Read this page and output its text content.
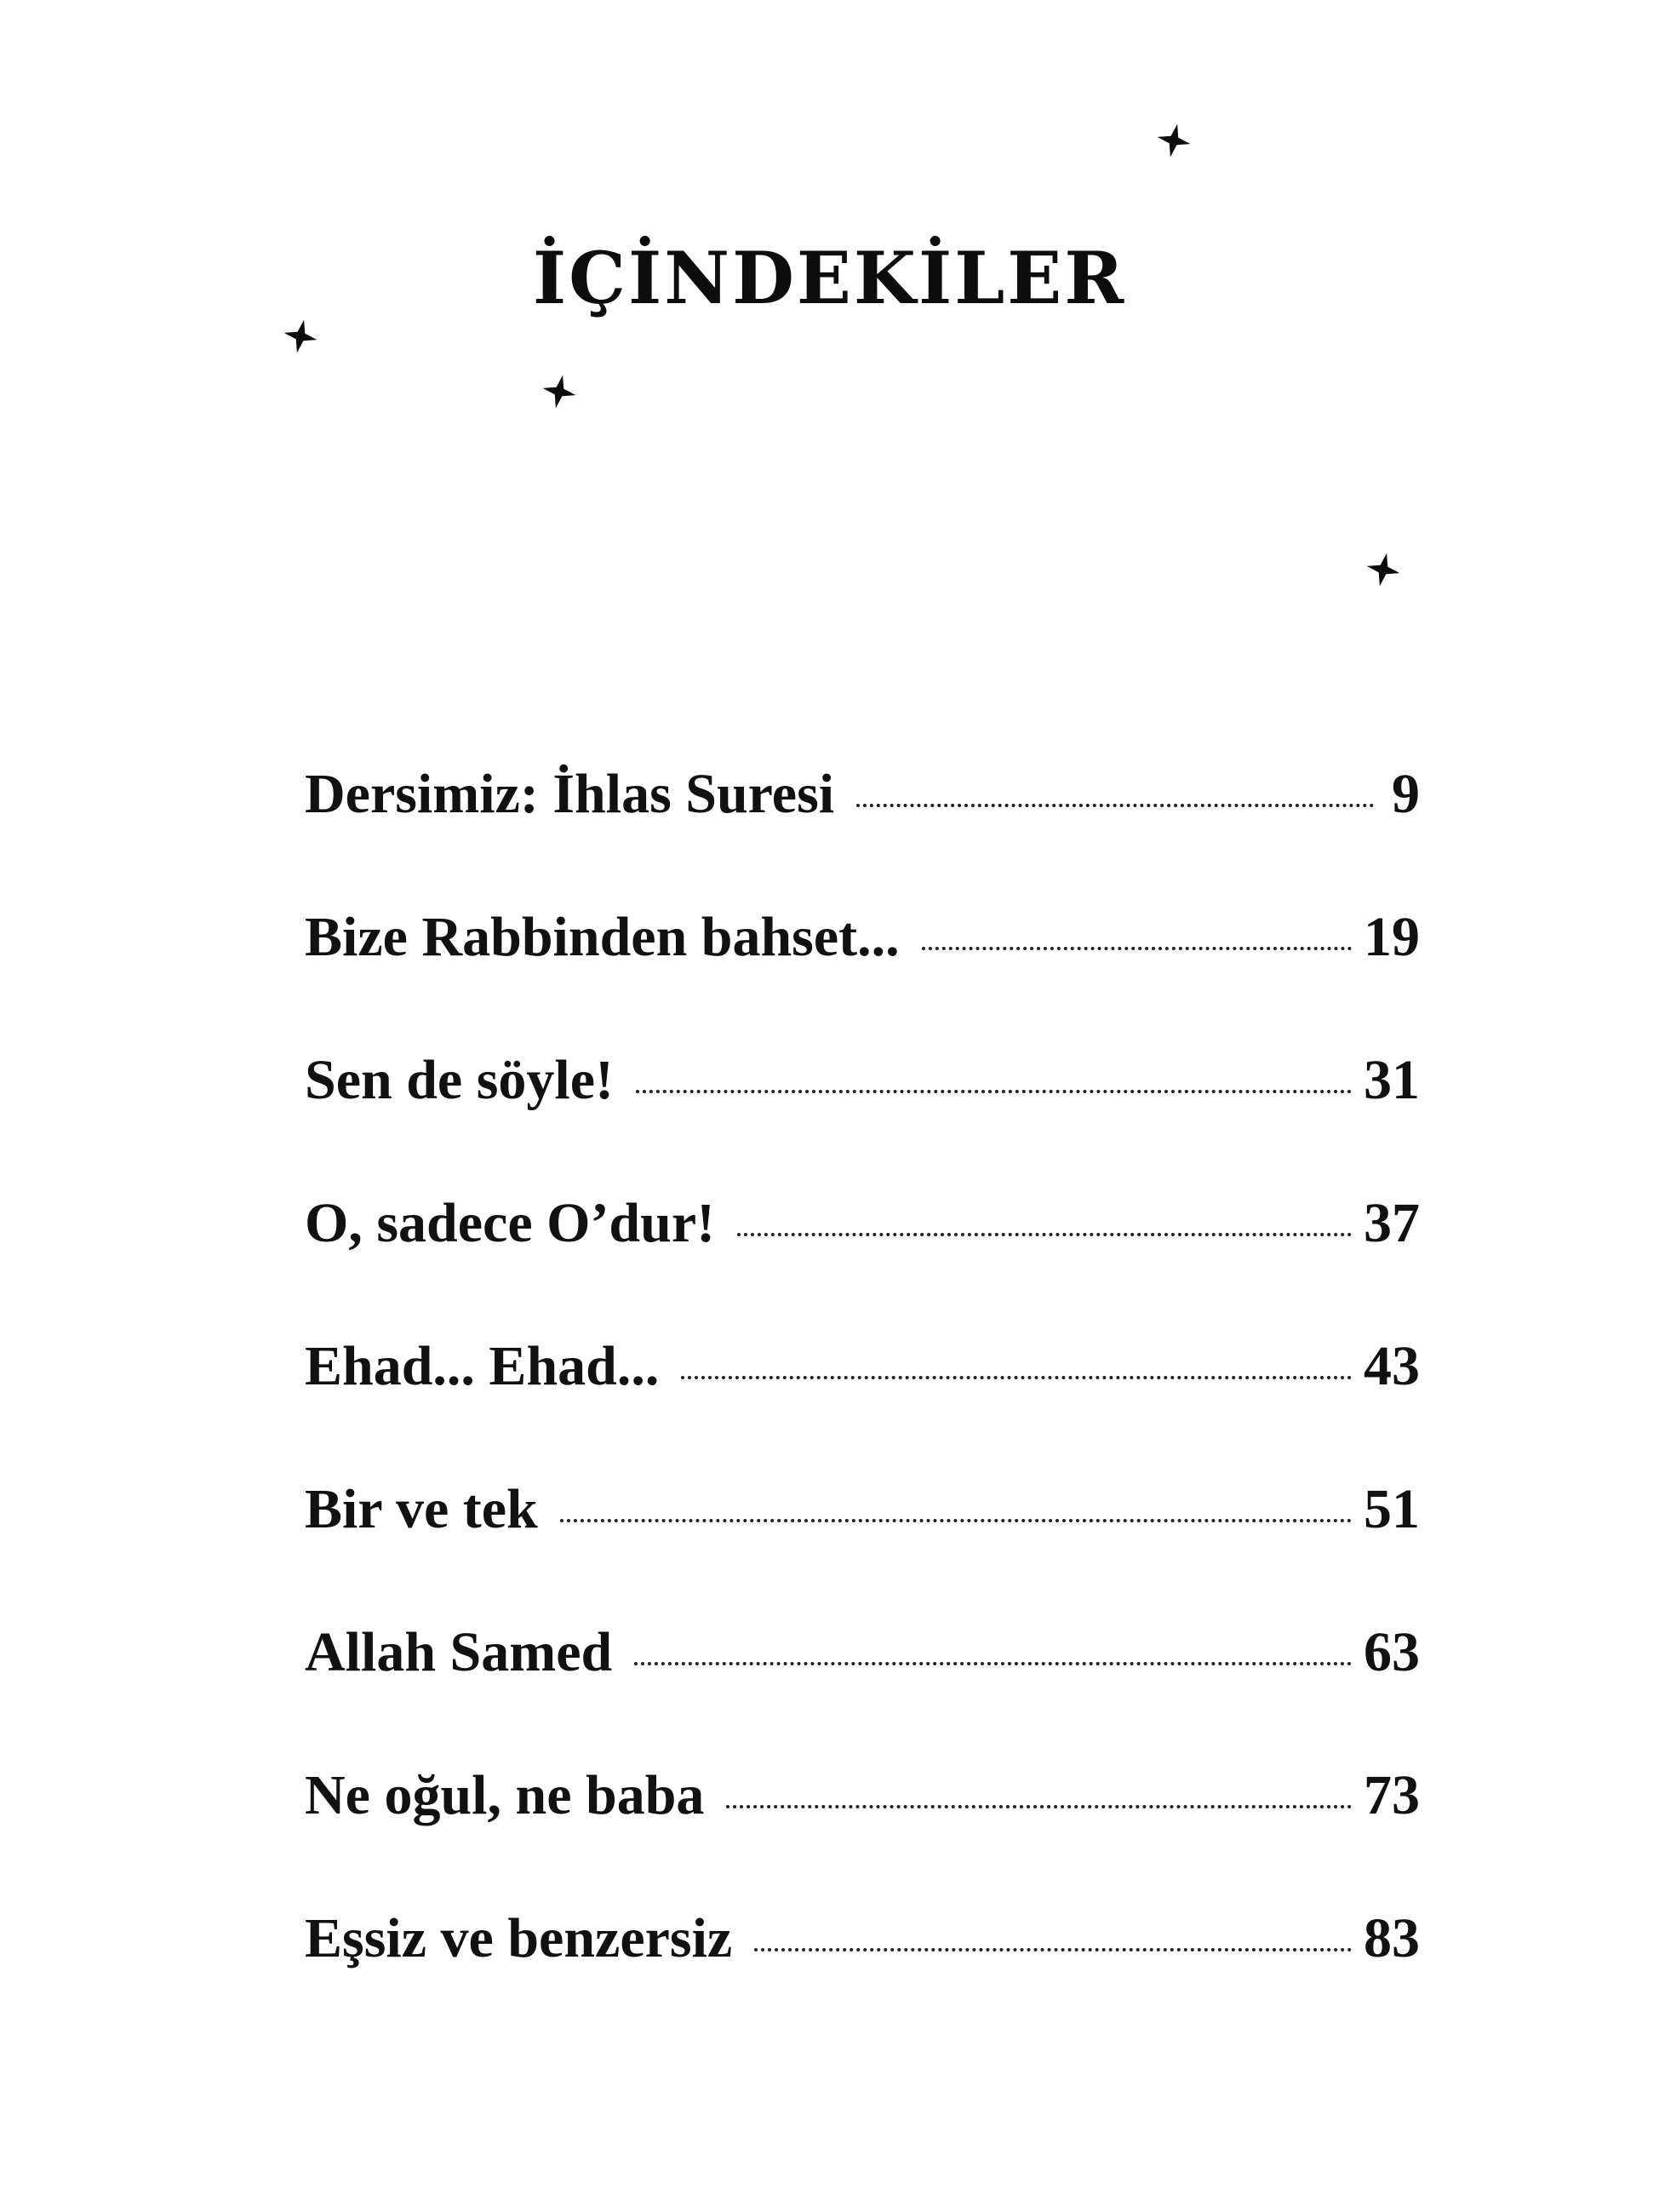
İÇİNDEKİLER
Dersimiz: İhlas Suresi	9
Bize Rabbinden bahset...	19
Sen de söyle!	31
O, sadece O’dur!	37
Ehad... Ehad...	43
Bir ve tek	51
Allah Samed	63
Ne oğul, ne baba	73
Eşsiz ve benzersiz	83
